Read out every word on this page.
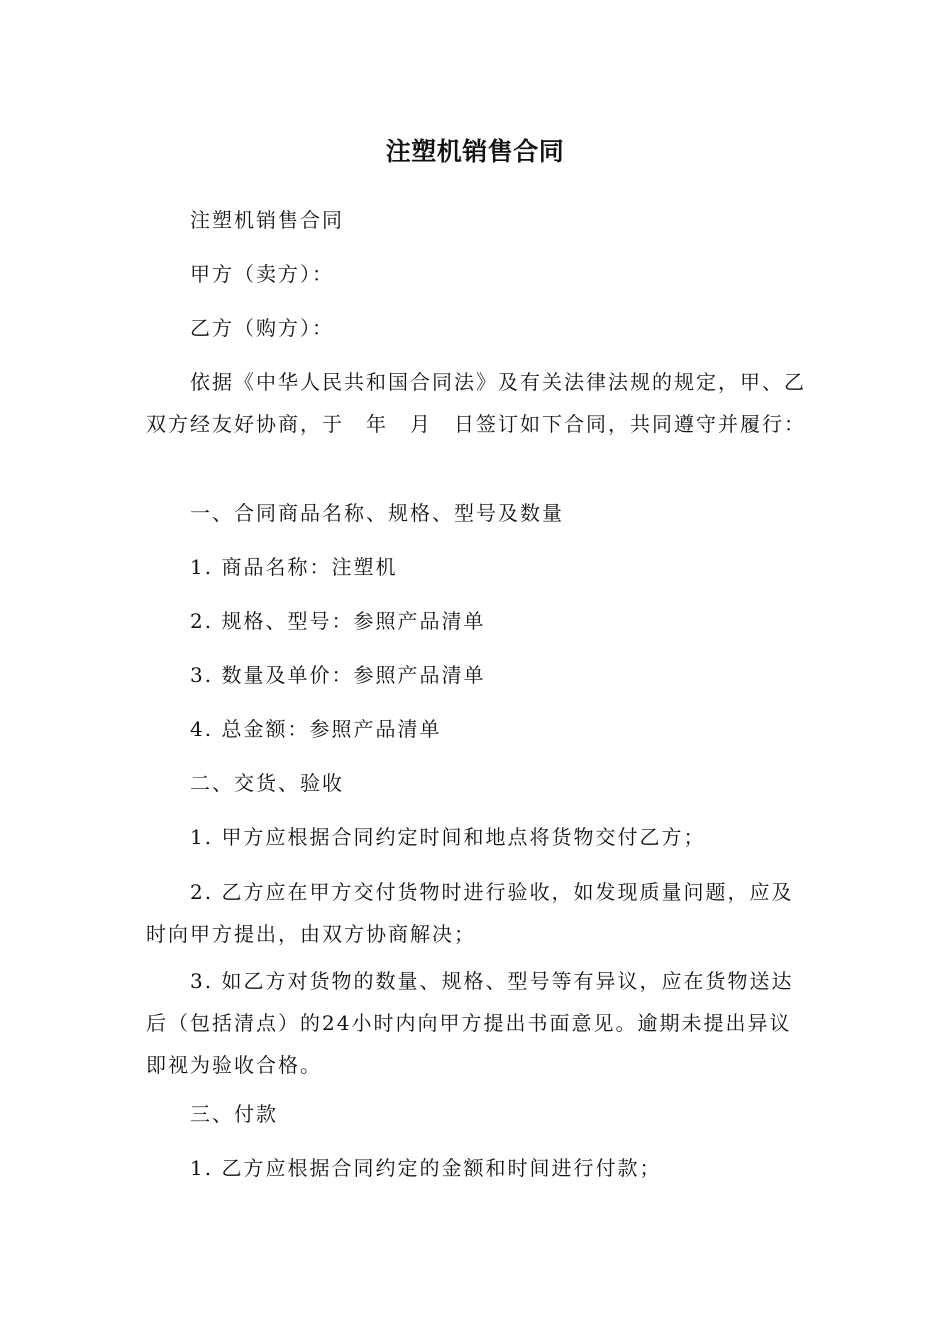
注塑机销售合同

注塑机销售合同

甲方（卖方）：

乙方（购方）：

依据《中华人民共和国合同法》及有关法律法规的规定，甲、乙双方经友好协商，于　年　月　日签订如下合同，共同遵守并履行：

一、合同商品名称、规格、型号及数量

1. 商品名称：注塑机

2. 规格、型号：参照产品清单

3. 数量及单价：参照产品清单

4. 总金额：参照产品清单

二、交货、验收

1. 甲方应根据合同约定时间和地点将货物交付乙方；

2. 乙方应在甲方交付货物时进行验收，如发现质量问题，应及时向甲方提出，由双方协商解决；

3. 如乙方对货物的数量、规格、型号等有异议，应在货物送达后（包括清点）的24小时内向甲方提出书面意见。逾期未提出异议即视为验收合格。

三、付款

1. 乙方应根据合同约定的金额和时间进行付款；
